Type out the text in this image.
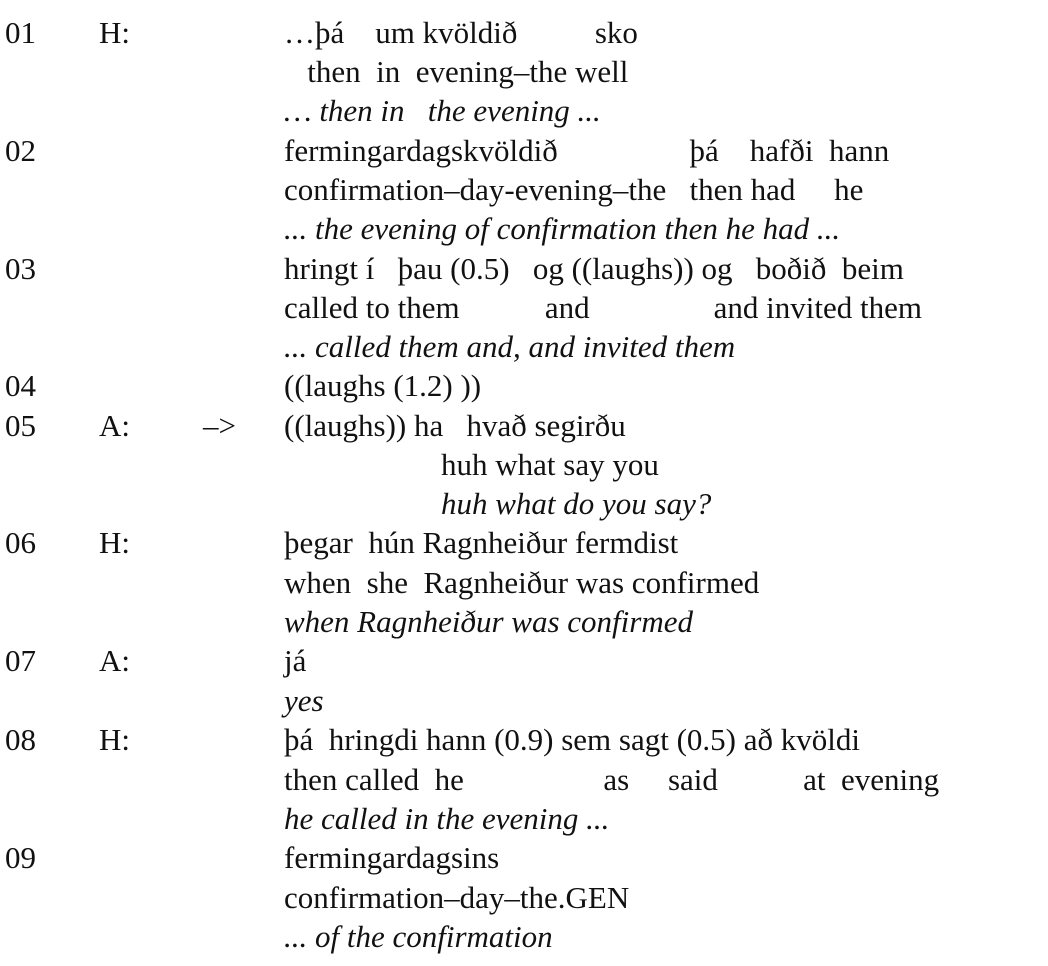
01 H:	…þá    um kvöldið          sko
then  in  evening–the well
… then in   the evening ...
02	fermingardagskvöldið                 þá    hafði  hann
confirmation–day-evening–the   then had     he
... the evening of confirmation then he had ...
03	hringt í   þau (0.5)   og ((laughs)) og   boðið  beim
called to them           and                and invited them
... called them and, and invited them
04	((laughs (1.2) ))
05 A: –> ((laughs)) ha   hvað segirðu
huh what say you
huh what do you say?
06 H:	þegar  hún Ragnheiður fermdist
when  she  Ragnheiður was confirmed
when Ragnheiður was confirmed
07 A:	já
yes
08 H:	þá  hringdi hann (0.9) sem sagt (0.5) að kvöldi
then called  he                  as     said           at  evening
he called in the evening ...
09	fermingardagsins
confirmation–day–the.GEN
... of the confirmation
